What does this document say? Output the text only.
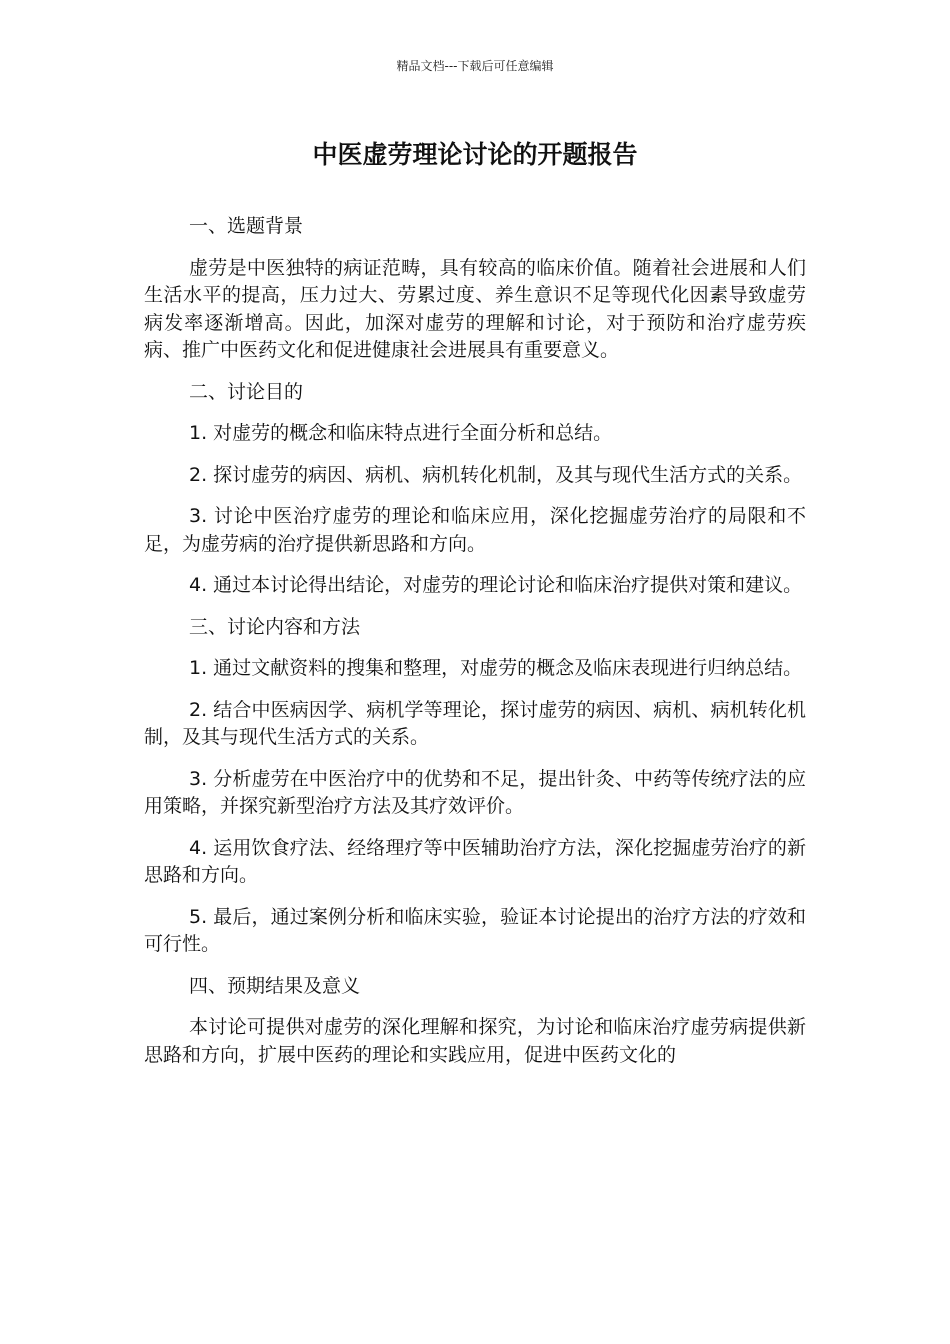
精品文档---下载后可任意编辑
中医虚劳理论讨论的开题报告

一、选题背景

虚劳是中医独特的病证范畴，具有较高的临床价值。随着社会进展和人们生活水平的提高，压力过大、劳累过度、养生意识不足等现代化因素导致虚劳病发率逐渐增高。因此，加深对虚劳的理解和讨论，对于预防和治疗虚劳疾病、推广中医药文化和促进健康社会进展具有重要意义。

二、讨论目的

1. 对虚劳的概念和临床特点进行全面分析和总结。

2. 探讨虚劳的病因、病机、病机转化机制，及其与现代生活方式的关系。

3. 讨论中医治疗虚劳的理论和临床应用，深化挖掘虚劳治疗的局限和不足，为虚劳病的治疗提供新思路和方向。

4. 通过本讨论得出结论，对虚劳的理论讨论和临床治疗提供对策和建议。

三、讨论内容和方法

1. 通过文献资料的搜集和整理，对虚劳的概念及临床表现进行归纳总结。

2. 结合中医病因学、病机学等理论，探讨虚劳的病因、病机、病机转化机制，及其与现代生活方式的关系。

3. 分析虚劳在中医治疗中的优势和不足，提出针灸、中药等传统疗法的应用策略，并探究新型治疗方法及其疗效评价。

4. 运用饮食疗法、经络理疗等中医辅助治疗方法，深化挖掘虚劳治疗的新思路和方向。

5. 最后，通过案例分析和临床实验，验证本讨论提出的治疗方法的疗效和可行性。

四、预期结果及意义

本讨论可提供对虚劳的深化理解和探究，为讨论和临床治疗虚劳病提供新思路和方向，扩展中医药的理论和实践应用，促进中医药文化的
